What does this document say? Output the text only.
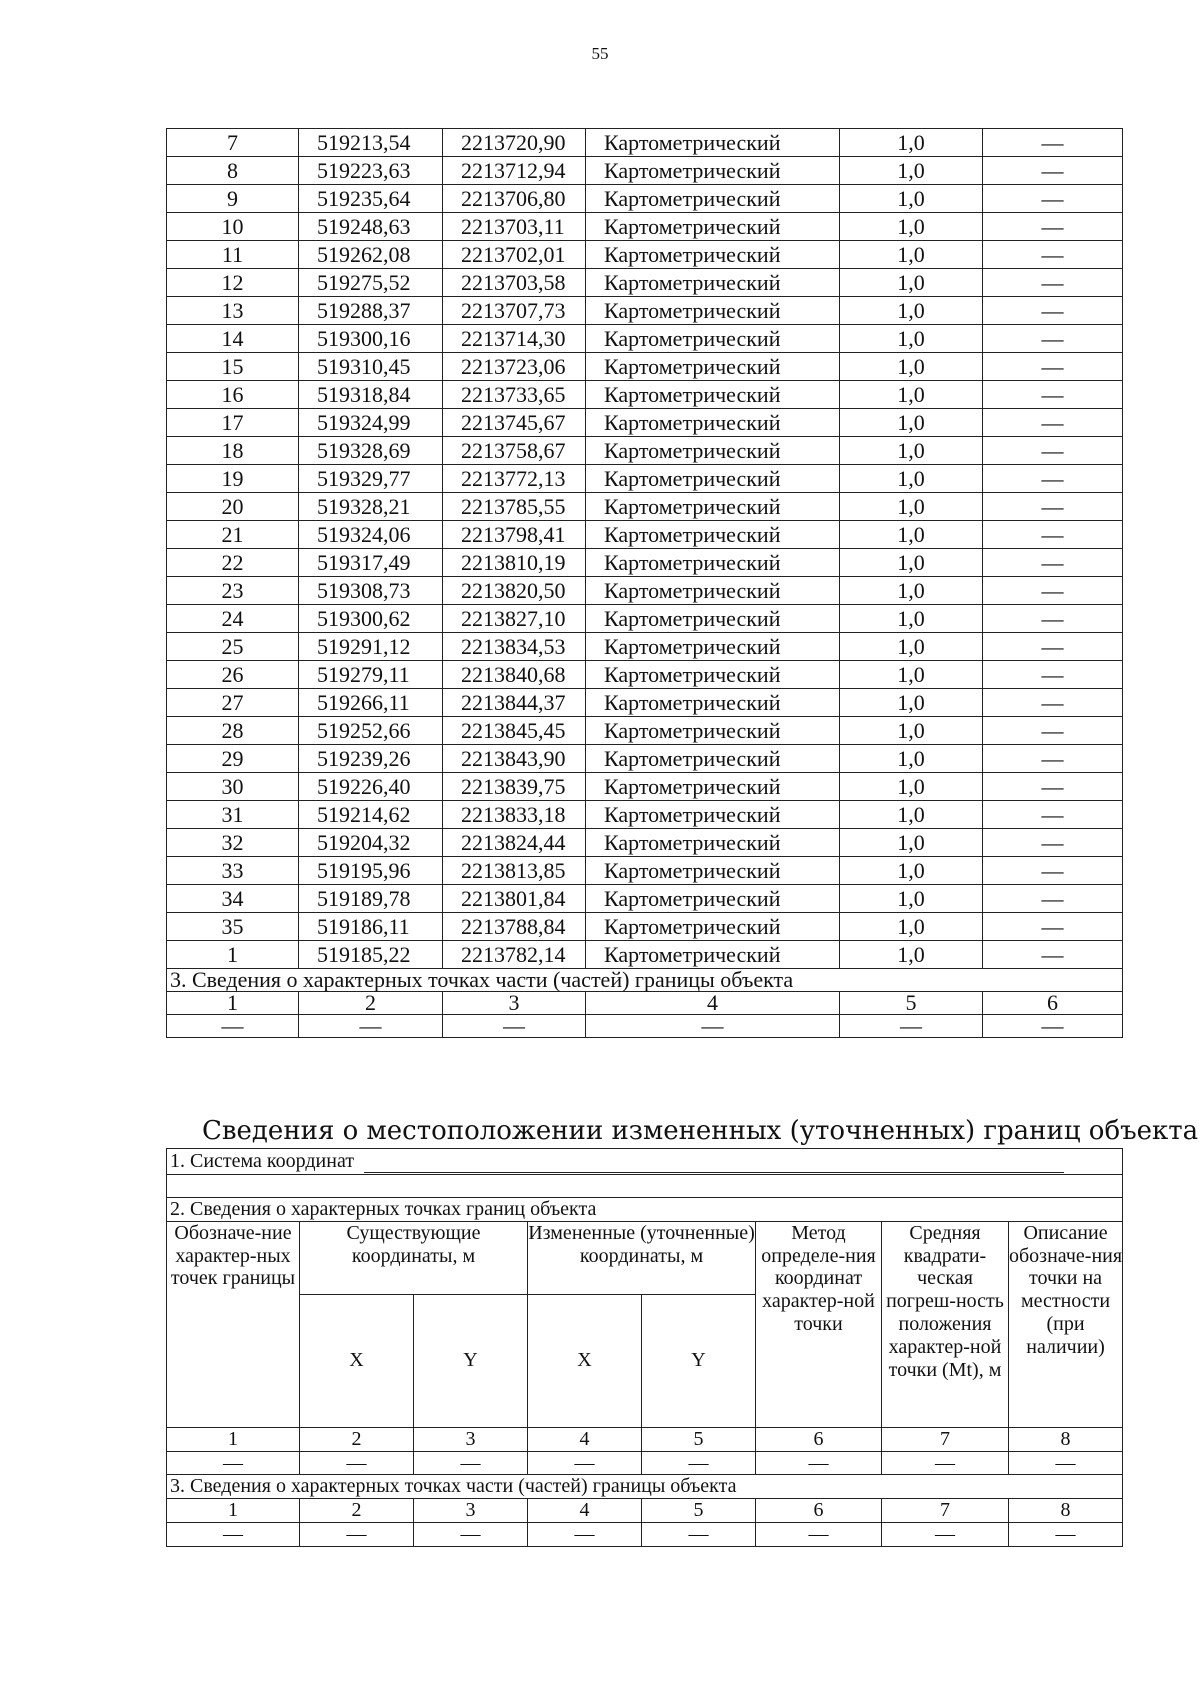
55
7	519213,54	2213720,90	Картометрический	1,0	—
8	519223,63	2213712,94	Картометрический	1,0	—
9	519235,64	2213706,80	Картометрический	1,0	—
10	519248,63	2213703,11	Картометрический	1,0	—
11	519262,08	2213702,01	Картометрический	1,0	—
12	519275,52	2213703,58	Картометрический	1,0	—
13	519288,37	2213707,73	Картометрический	1,0	—
14	519300,16	2213714,30	Картометрический	1,0	—
15	519310,45	2213723,06	Картометрический	1,0	—
16	519318,84	2213733,65	Картометрический	1,0	—
17	519324,99	2213745,67	Картометрический	1,0	—
18	519328,69	2213758,67	Картометрический	1,0	—
19	519329,77	2213772,13	Картометрический	1,0	—
20	519328,21	2213785,55	Картометрический	1,0	—
21	519324,06	2213798,41	Картометрический	1,0	—
22	519317,49	2213810,19	Картометрический	1,0	—
23	519308,73	2213820,50	Картометрический	1,0	—
24	519300,62	2213827,10	Картометрический	1,0	—
25	519291,12	2213834,53	Картометрический	1,0	—
26	519279,11	2213840,68	Картометрический	1,0	—
27	519266,11	2213844,37	Картометрический	1,0	—
28	519252,66	2213845,45	Картометрический	1,0	—
29	519239,26	2213843,90	Картометрический	1,0	—
30	519226,40	2213839,75	Картометрический	1,0	—
31	519214,62	2213833,18	Картометрический	1,0	—
32	519204,32	2213824,44	Картометрический	1,0	—
33	519195,96	2213813,85	Картометрический	1,0	—
34	519189,78	2213801,84	Картометрический	1,0	—
35	519186,11	2213788,84	Картометрический	1,0	—
1	519185,22	2213782,14	Картометрический	1,0	—
3. Сведения о характерных точках части (частей) границы объекта					
1	2	3	4	5	6
—	—	—	—	—	—
Сведения о местоположении измененных (уточненных) границ объекта
1. Система координат							

2. Сведения о характерных точках границ объекта							
Обозначе-ние характер-ных точек границы	Существующие координаты, м		Измененные (уточненные) координаты, м		Метод определе-ния координат характер-ной точки	Средняя квадрати-ческая погреш-ность положения характер-ной точки (Mt), м	Описание обозначе-ния точки на местности (при наличии)
	X	Y	X	Y			
1	2	3	4	5	6	7	8
—	—	—	—	—	—	—	—
3. Сведения о характерных точках части (частей) границы объекта							
1	2	3	4	5	6	7	8
—	—	—	—	—	—	—	—
